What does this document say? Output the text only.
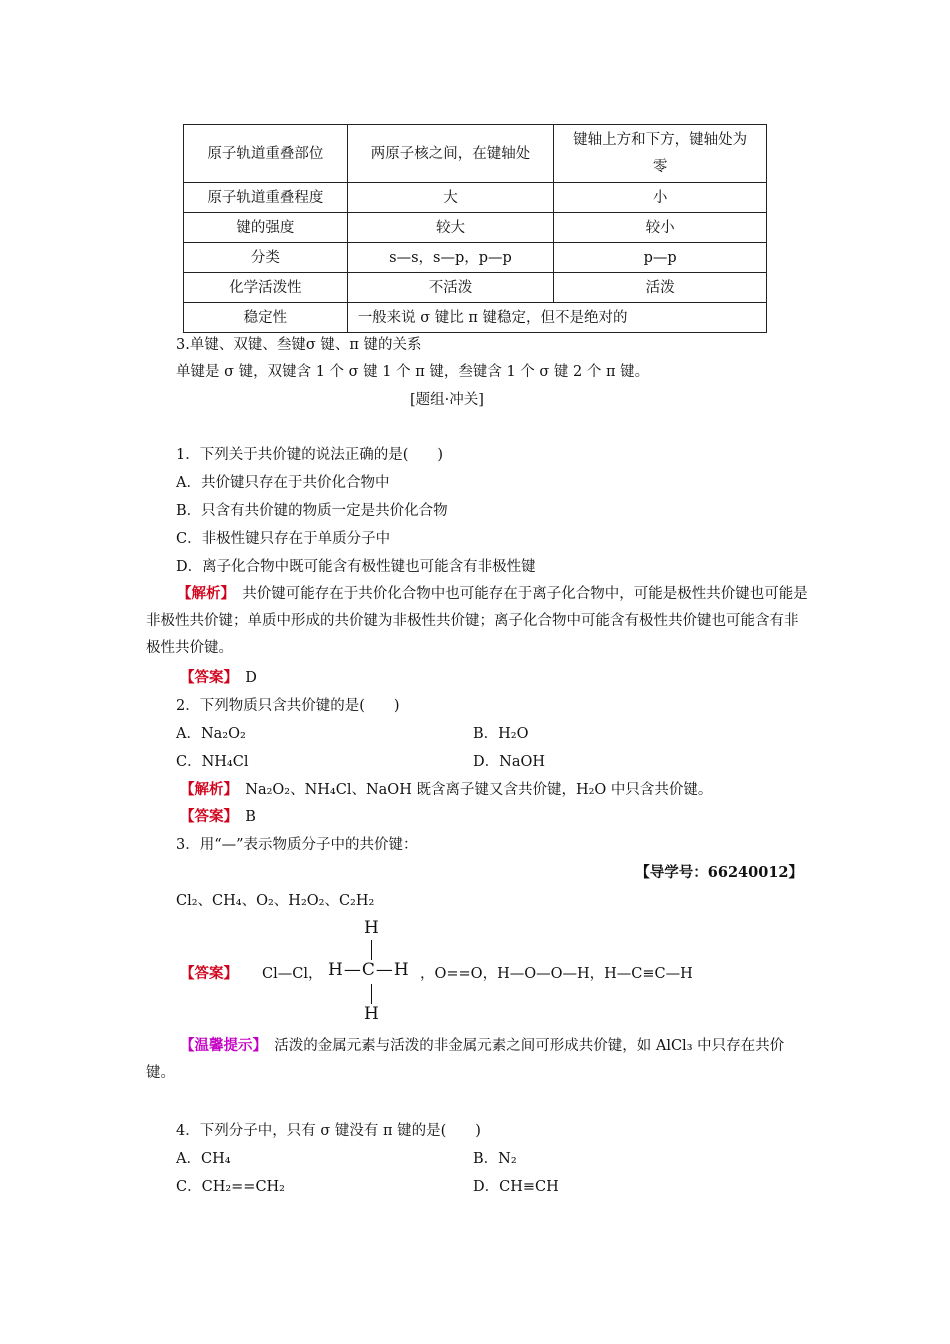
原子轨道重叠部位	两原子核之间，在键轴处	键轴上方和下方，键轴处为零
原子轨道重叠程度	大	小
键的强度	较大	较小
分类	s—s，s—p，p—p	p—p
化学活泼性	不活泼	活泼
稳定性	一般来说 σ 键比 π 键稳定，但不是绝对的	
3.单键、双键、叁键σ 键、π 键的关系
单键是 σ 键，双键含 1 个 σ 键 1 个 π 键，叁键含 1 个 σ 键 2 个 π 键。
[题组·冲关]
1．下列关于共价键的说法正确的是(　　)
A．共价键只存在于共价化合物中
B．只含有共价键的物质一定是共价化合物
C．非极性键只存在于单质分子中
D．离子化合物中既可能含有极性键也可能含有非极性键
【解析】　 共价键可能存在于共价化合物中也可能存在于离子化合物中，可能是极性共价键也可能是非极性共价键；单质中形成的共价键为非极性共价键；离子化合物中可能含有极性共价键也可能含有非极性共价键。
【答案】　 D
2．下列物质只含共价键的是(　　)
A．Na₂O₂	B．H₂O
C．NH₄Cl	D．NaOH
【解析】　 Na₂O₂、NH₄Cl、NaOH 既含离子键又含共价键，H₂O 中只含共价键。
【答案】　 B
3．用“—”表示物质分子中的共价键：
【导学号：66240012】
Cl₂、CH₄、O₂、H₂O₂、C₂H₂
【答案】 Cl—Cl，
H
H—C—H
H
，O==O，H—O—O—H，H—C≡C—H
【温馨提示】　 活泼的金属元素与活泼的非金属元素之间可形成共价键，如 AlCl₃ 中只存在共价键。
4．下列分子中，只有 σ 键没有 π 键的是(　　)
A．CH₄	B．N₂
C．CH₂==CH₂	D．CH≡CH
